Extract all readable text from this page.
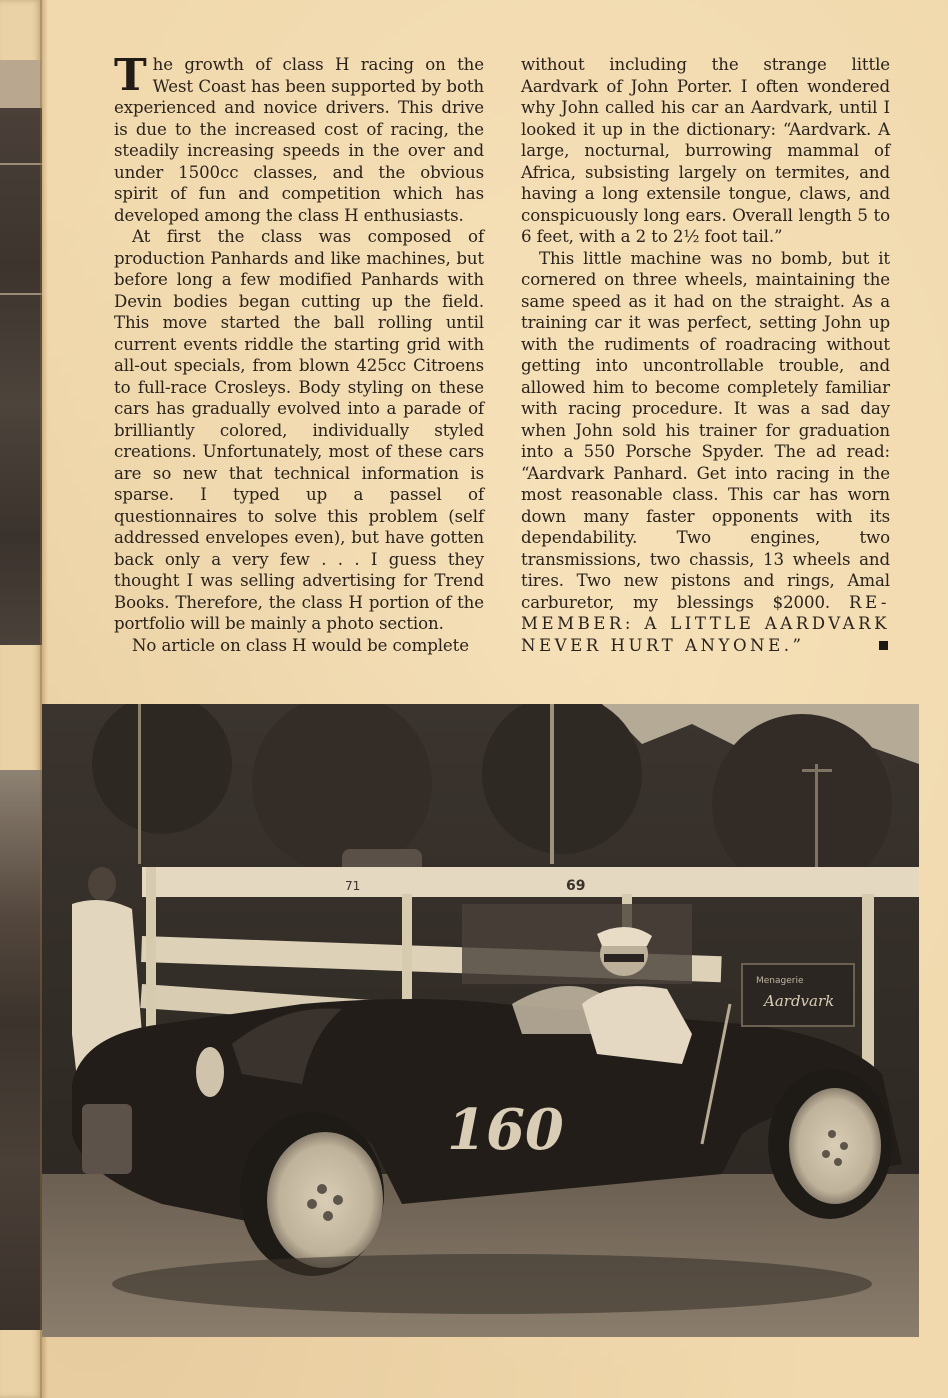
The growth of class H racing on the West Coast has been supported by both experienced and novice drivers. This drive is due to the increased cost of racing, the steadily increasing speeds in the over and under 1500cc classes, and the obvious spirit of fun and competition which has developed among the class H enthusiasts.

At first the class was composed of production Panhards and like machines, but before long a few modified Panhards with Devin bodies began cutting up the field. This move started the ball rolling until current events riddle the starting grid with all-out specials, from blown 425cc Citroens to full-race Crosleys. Body styling on these cars has gradually evolved into a parade of brilliantly colored, individually styled creations. Unfortunately, most of these cars are so new that technical information is sparse. I typed up a passel of questionnaires to solve this problem (self addressed envelopes even), but have gotten back only a very few . . . I guess they thought I was selling advertising for Trend Books. Therefore, the class H portion of the portfolio will be mainly a photo section.

No article on class H would be complete

without including the strange little Aardvark of John Porter. I often wondered why John called his car an Aardvark, until I looked it up in the dictionary: “Aardvark. A large, nocturnal, burrowing mammal of Africa, subsisting largely on termites, and having a long extensile tongue, claws, and conspicuously long ears. Overall length 5 to 6 feet, with a 2 to 2½ foot tail.”

This little machine was no bomb, but it cornered on three wheels, maintaining the same speed as it had on the straight. As a training car it was perfect, setting John up with the rudiments of roadracing without getting into uncontrollable trouble, and allowed him to become completely familiar with racing procedure. It was a sad day when John sold his trainer for graduation into a 550 Porsche Spyder. The ad read: “Aardvark Panhard. Get into racing in the most reasonable class. This car has worn down many faster opponents with its dependability. Two engines, two transmissions, two chassis, 13 wheels and tires. Two new pistons and rings, Amal carburetor, my blessings $2000. RE-MEMBER: A LITTLE AARDVARK NEVER HURT ANYONE.”

71	69
Menagerie
Aardvark
160
